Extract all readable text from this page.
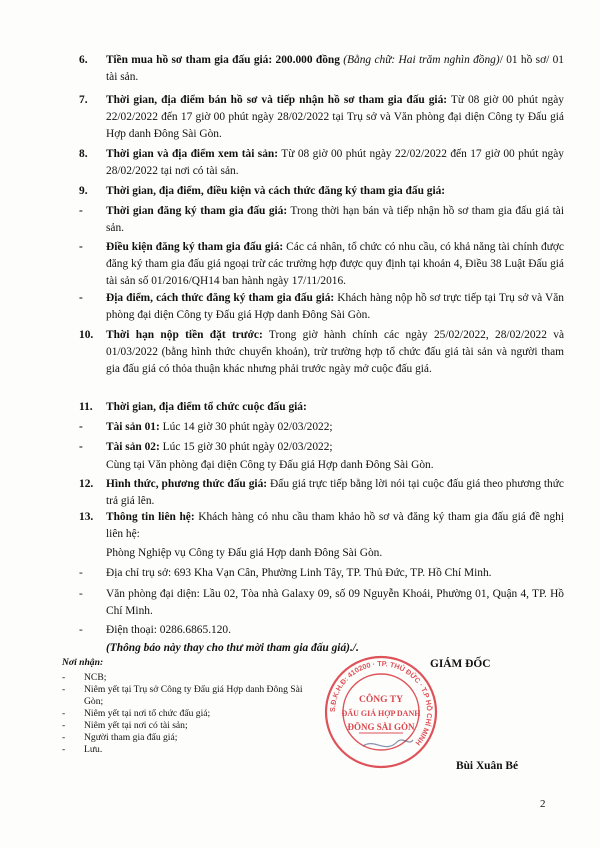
6. Tiền mua hồ sơ tham gia đấu giá: 200.000 đồng (Bằng chữ: Hai trăm nghìn đồng)/ 01 hồ sơ/ 01 tài sản.
7. Thời gian, địa điểm bán hồ sơ và tiếp nhận hồ sơ tham gia đấu giá: Từ 08 giờ 00 phút ngày 22/02/2022 đến 17 giờ 00 phút ngày 28/02/2022 tại Trụ sở và Văn phòng đại diện Công ty Đấu giá Hợp danh Đông Sài Gòn.
8. Thời gian và địa điểm xem tài sản: Từ 08 giờ 00 phút ngày 22/02/2022 đến 17 giờ 00 phút ngày 28/02/2022 tại nơi có tài sản.
9. Thời gian, địa điểm, điều kiện và cách thức đăng ký tham gia đấu giá:
- Thời gian đăng ký tham gia đấu giá: Trong thời hạn bán và tiếp nhận hồ sơ tham gia đấu giá tài sản.
- Điều kiện đăng ký tham gia đấu giá: Các cá nhân, tổ chức có nhu cầu, có khả năng tài chính được đăng ký tham gia đấu giá ngoại trừ các trường hợp được quy định tại khoản 4, Điều 38 Luật Đấu giá tài sản số 01/2016/QH14 ban hành ngày 17/11/2016.
- Địa điểm, cách thức đăng ký tham gia đấu giá: Khách hàng nộp hồ sơ trực tiếp tại Trụ sở và Văn phòng đại diện Công ty Đấu giá Hợp danh Đông Sài Gòn.
10. Thời hạn nộp tiền đặt trước: Trong giờ hành chính các ngày 25/02/2022, 28/02/2022 và 01/03/2022 (bằng hình thức chuyển khoản), trừ trường hợp tổ chức đấu giá tài sản và người tham gia đấu giá có thỏa thuận khác nhưng phải trước ngày mở cuộc đấu giá.
11. Thời gian, địa điểm tổ chức cuộc đấu giá:
- Tài sản 01: Lúc 14 giờ 30 phút ngày 02/03/2022;
- Tài sản 02: Lúc 15 giờ 30 phút ngày 02/03/2022;
Cùng tại Văn phòng đại diện Công ty Đấu giá Hợp danh Đông Sài Gòn.
12. Hình thức, phương thức đấu giá: Đấu giá trực tiếp bằng lời nói tại cuộc đấu giá theo phương thức trả giá lên.
13. Thông tin liên hệ: Khách hàng có nhu cầu tham khảo hồ sơ và đăng ký tham gia đấu giá đề nghị liên hệ:
Phòng Nghiệp vụ Công ty Đấu giá Hợp danh Đông Sài Gòn.
- Địa chỉ trụ sở: 693 Kha Vạn Cân, Phường Linh Tây, TP. Thủ Đức, TP. Hồ Chí Minh.
- Văn phòng đại diện: Lầu 02, Tòa nhà Galaxy 09, số 09 Nguyễn Khoái, Phường 01, Quận 4, TP. Hồ Chí Minh.
- Điện thoại: 0286.6865.120.
(Thông báo này thay cho thư mời tham gia đấu giá)./.
Nơi nhận:
- NCB;
- Niêm yết tại Trụ sở Công ty Đấu giá Hợp danh Đông Sài Gòn;
- Niêm yết tại nơi tổ chức đấu giá;
- Niêm yết tại nơi có tài sản;
- Người tham gia đấu giá;
- Lưu.
S.Đ.K.H.Đ: 410200 · TP. THỦ ĐỨC · T.P HỒ CHÍ MINH
CÔNG TY
ĐẤU GIÁ HỢP DANH
ĐÔNG SÀI GÒN
GIÁM ĐỐC
Bùi Xuân Bé
2
